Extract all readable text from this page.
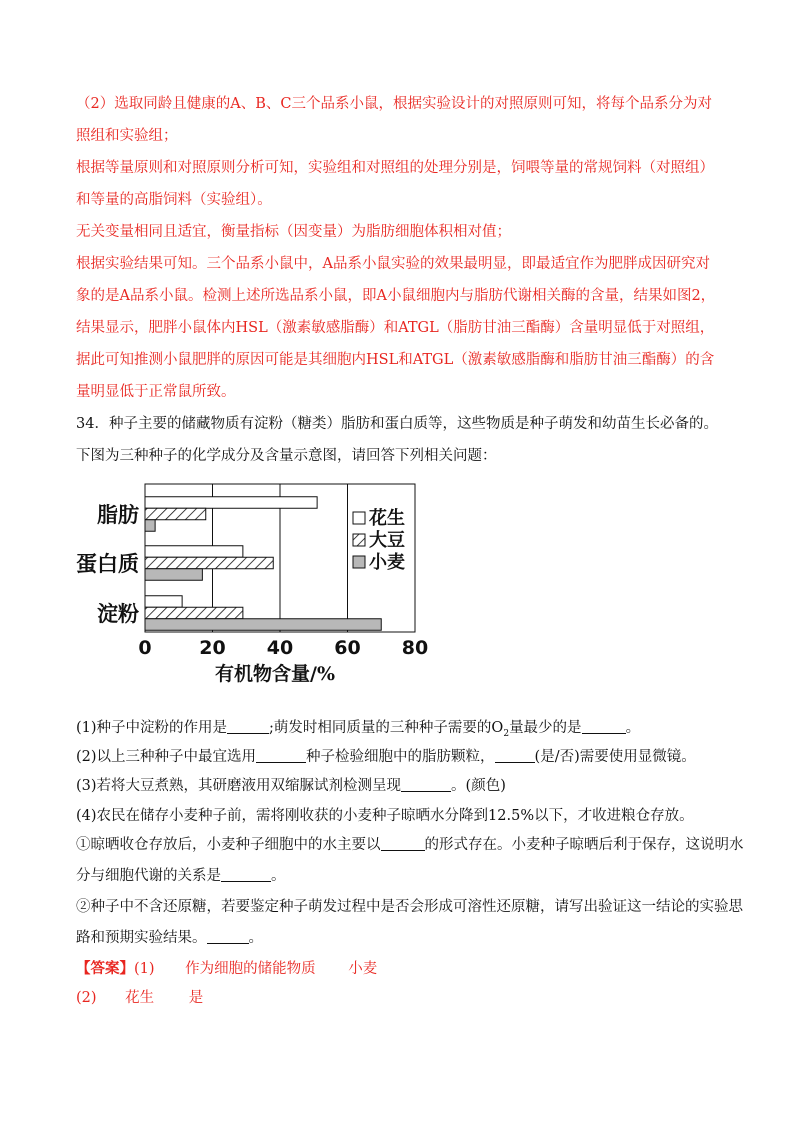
（2）选取同龄且健康的A、B、C三个品系小鼠，根据实验设计的对照原则可知，将每个品系分为对照组和实验组；

根据等量原则和对照原则分析可知，实验组和对照组的处理分别是，饲喂等量的常规饲料（对照组）和等量的高脂饲料（实验组）。

无关变量相同且适宜，衡量指标（因变量）为脂肪细胞体积相对值；

根据实验结果可知。三个品系小鼠中，A品系小鼠实验的效果最明显，即最适宜作为肥胖成因研究对象的是A品系小鼠。检测上述所选品系小鼠，即A小鼠细胞内与脂肪代谢相关酶的含量，结果如图2，结果显示，肥胖小鼠体内HSL（激素敏感脂酶）和ATGL（脂肪甘油三酯酶）含量明显低于对照组，据此可知推测小鼠肥胖的原因可能是其细胞内HSL和ATGL（激素敏感脂酶和脂肪甘油三酯酶）的含量明显低于正常鼠所致。

34．种子主要的储藏物质有淀粉（糖类）脂肪和蛋白质等，这些物质是种子萌发和幼苗生长必备的。下图为三种种子的化学成分及含量示意图，请回答下列相关问题：

脂肪
蛋白质
淀粉
0	20 40 60 80
有机物含量/%
花生
大豆
小麦
(1)种子中淀粉的作用是	;萌发时相同质量的三种种子需要的$O_2$量最少的是	。
(2)以上三种种子中最宜选用	种子检验细胞中的脂肪颗粒，	(是/否)需要使用显微镜。
(3)若将大豆煮熟，其研磨液用双缩脲试剂检测呈现	。(颜色)
(4)农民在储存小麦种子前，需将刚收获的小麦种子晾晒水分降到12.5%以下，才收进粮仓存放。
①晾晒收仓存放后，小麦种子细胞中的水主要以	的形式存在。小麦种子晾晒后利于保存，这说明水
分与细胞代谢的关系是	。
②种子中不含还原糖，若要鉴定种子萌发过程中是否会形成可溶性还原糖，请写出验证这一结论的实验思
路和预期实验结果。	。
【答案】(1) 作为细胞的储能物质 小麦
(2) 花生 是
